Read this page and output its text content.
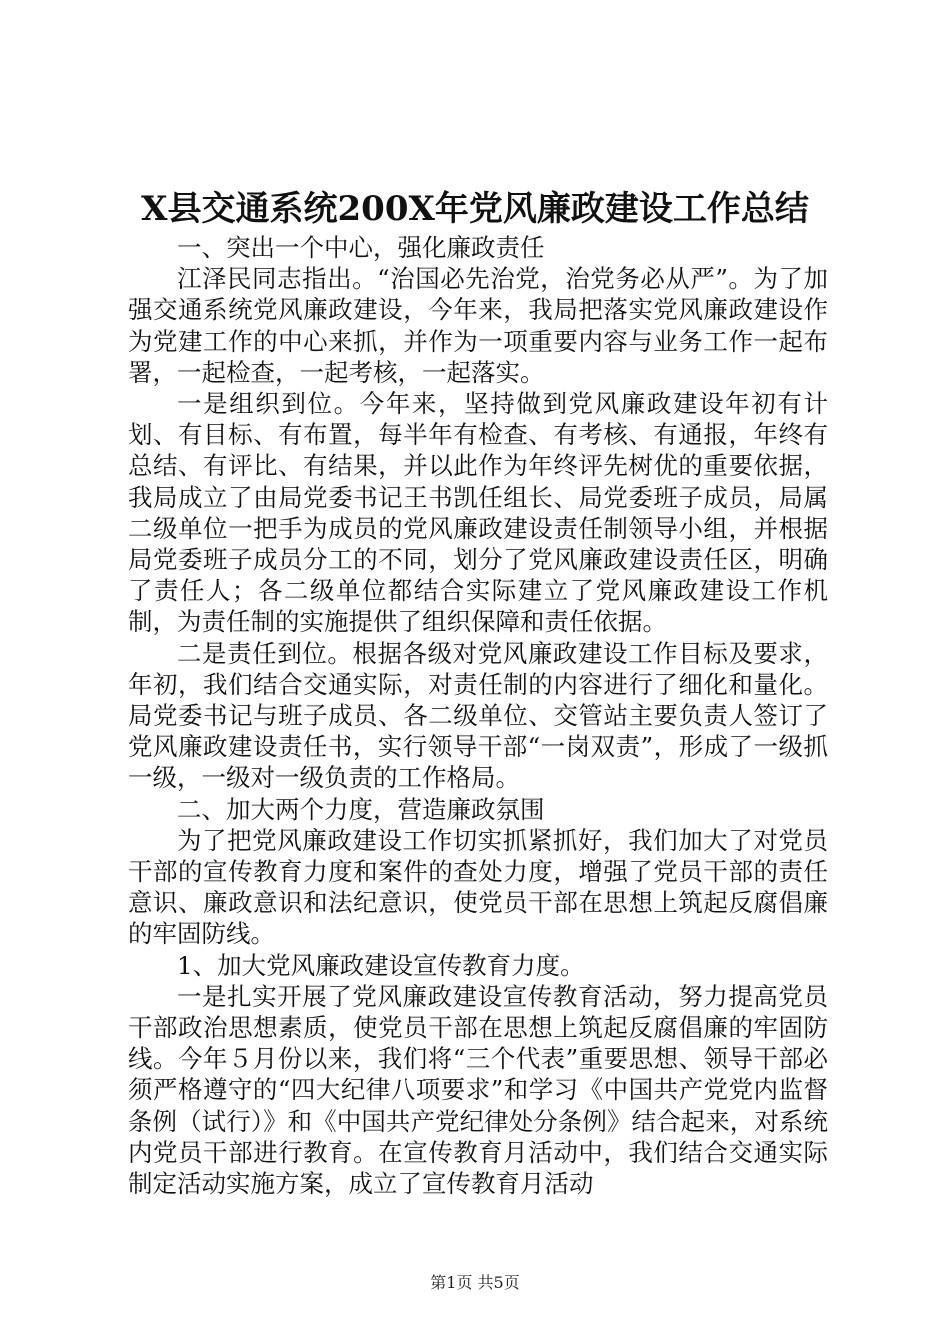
X县交通系统200X年党风廉政建设工作总结

一、突出一个中心，强化廉政责任

江泽民同志指出。“治国必先治党，治党务必从严”。为了加强交通系统党风廉政建设，今年来，我局把落实党风廉政建设作为党建工作的中心来抓，并作为一项重要内容与业务工作一起布署，一起检查，一起考核，一起落实。

一是组织到位。今年来，坚持做到党风廉政建设年初有计划、有目标、有布置，每半年有检查、有考核、有通报，年终有总结、有评比、有结果，并以此作为年终评先树优的重要依据，我局成立了由局党委书记王书凯任组长、局党委班子成员，局属二级单位一把手为成员的党风廉政建设责任制领导小组，并根据局党委班子成员分工的不同，划分了党风廉政建设责任区，明确了责任人；各二级单位都结合实际建立了党风廉政建设工作机制，为责任制的实施提供了组织保障和责任依据。

二是责任到位。根据各级对党风廉政建设工作目标及要求，年初，我们结合交通实际，对责任制的内容进行了细化和量化。局党委书记与班子成员、各二级单位、交管站主要负责人签订了党风廉政建设责任书，实行领导干部“一岗双责”，形成了一级抓一级，一级对一级负责的工作格局。

二、加大两个力度，营造廉政氛围

为了把党风廉政建设工作切实抓紧抓好，我们加大了对党员干部的宣传教育力度和案件的查处力度，增强了党员干部的责任意识、廉政意识和法纪意识，使党员干部在思想上筑起反腐倡廉的牢固防线。

1、加大党风廉政建设宣传教育力度。

一是扎实开展了党风廉政建设宣传教育活动，努力提高党员干部政治思想素质，使党员干部在思想上筑起反腐倡廉的牢固防线。今年５月份以来，我们将“三个代表”重要思想、领导干部必须严格遵守的“四大纪律八项要求”和学习《中国共产党党内监督条例（试行）》和《中国共产党纪律处分条例》结合起来，对系统内党员干部进行教育。在宣传教育月活动中，我们结合交通实际制定活动实施方案，成立了宣传教育月活动

第1页 共5页
